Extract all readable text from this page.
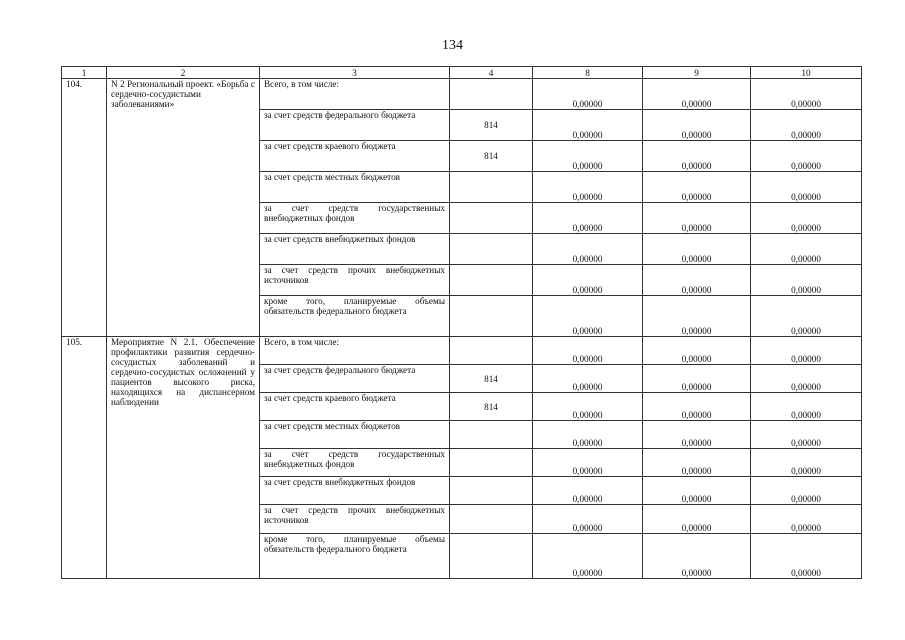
134
1	2	3	4	8	9	10
104.	N 2 Региональный проект. «Борьба с сердечно-сосудистыми заболеваниями»	Всего, в том числе:		0,00000	0,00000	0,00000
		за счет средств федерального бюджета	814	0,00000	0,00000	0,00000
		за счет средств краевого бюджета	814	0,00000	0,00000	0,00000
		за счет средств местных бюджетов		0,00000	0,00000	0,00000
		за счет средств государственных внебюджетных фондов		0,00000	0,00000	0,00000
		за счет средств внебюджетных фондов		0,00000	0,00000	0,00000
		за счет средств прочих внебюджетных источников		0,00000	0,00000	0,00000
		кроме того, планируемые объемы обязательств федерального бюджета		0,00000	0,00000	0,00000
105.	Мероприятие N 2.1. Обеспечение профилактики развития сердечно-сосудистых заболеваний и сердечно-сосудистых осложнений у пациентов высокого риска, находящихся на диспансерном наблюдении	Всего, в том числе:		0,00000	0,00000	0,00000
		за счет средств федерального бюджета	814	0,00000	0,00000	0,00000
		за счет средств краевого бюджета	814	0,00000	0,00000	0,00000
		за счет средств местных бюджетов		0,00000	0,00000	0,00000
		за счет средств государственных внебюджетных фондов		0,00000	0,00000	0,00000
		за счет средств внебюджетных фондов		0,00000	0,00000	0,00000
		за счет средств прочих внебюджетных источников		0,00000	0,00000	0,00000
		кроме того, планируемые объемы обязательств федерального бюджета		0,00000	0,00000	0,00000
